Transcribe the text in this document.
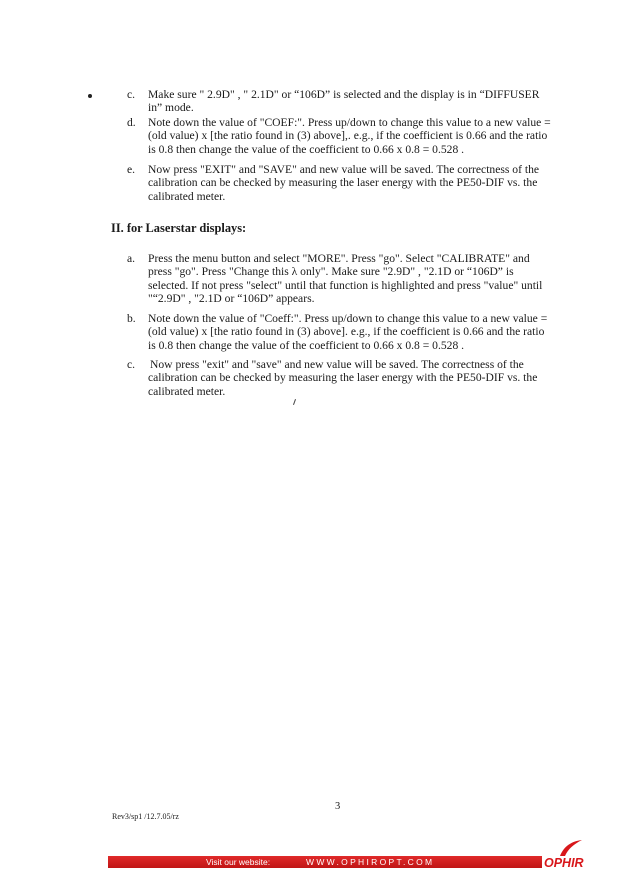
c. Make sure " 2.9D" , " 2.1D" or “106D” is selected and the display is in “DIFFUSER
in” mode.
d. Note down the value of "COEF:". Press up/down to change this value to a new value =
(old value) x [the ratio found in (3) above],. e.g., if the coefficient is 0.66 and the ratio
is 0.8 then change the value of the coefficient to 0.66 x 0.8 = 0.528 .
e. Now press "EXIT" and "SAVE" and new value will be saved. The correctness of the
calibration can be checked by measuring the laser energy with the PE50-DIF vs. the
calibrated meter.
II. for Laserstar displays:
a. Press the menu button and select "MORE". Press "go". Select "CALIBRATE" and
press "go". Press "Change this λ only". Make sure "2.9D" , "2.1D or “106D” is
selected. If not press "select" until that function is highlighted and press "value" until
"“2.9D" , "2.1D or “106D” appears.
b. Note down the value of "Coeff:". Press up/down to change this value to a new value =
(old value) x [the ratio found in (3) above]. e.g., if the coefficient is 0.66 and the ratio
is 0.8 then change the value of the coefficient to 0.66 x 0.8 = 0.528 .
c. Now press "exit" and "save" and new value will be saved. The correctness of the
calibration can be checked by measuring the laser energy with the PE50-DIF vs. the
calibrated meter.
3
Rev3/sp1 /12.7.05/rz
Visit our website:	WWW.OPHIROPT.COM	OPHIR
